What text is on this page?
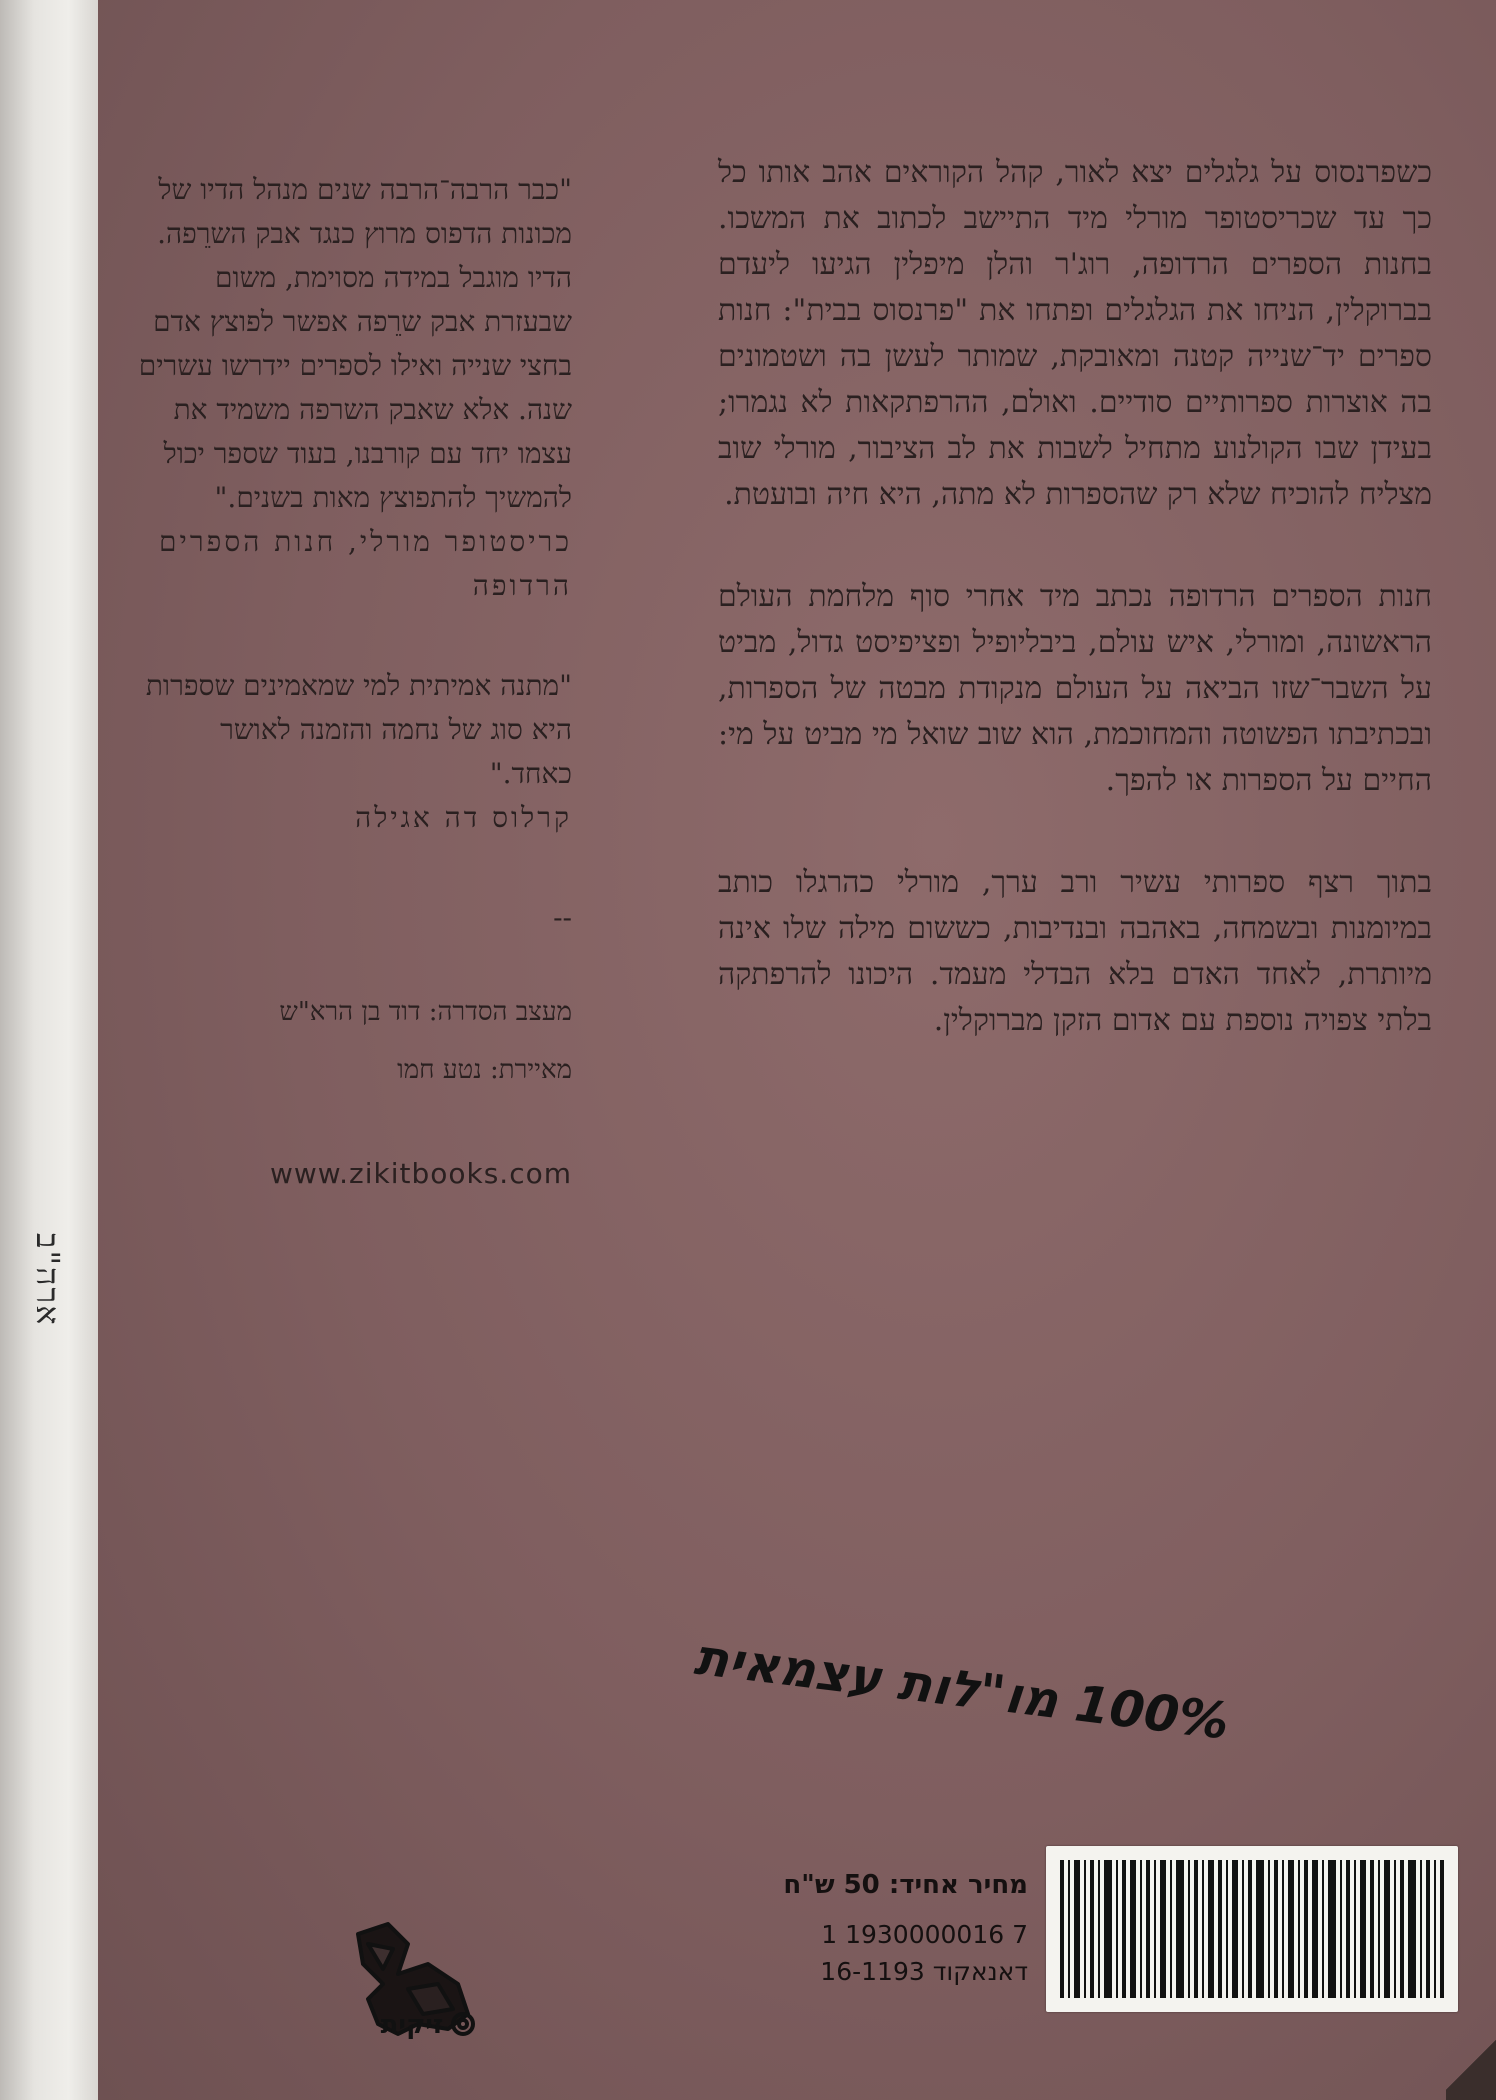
ארה"ב

כשפרנסוס על גלגלים יצא לאור, קהל הקוראים אהב אותו כל כך עד שכריסטופר מורלי מיד התיישב לכתוב את המשכו. בחנות הספרים הרדופה, רוג'ר והלן מיפלין הגיעו ליעדם בברוקלין, הניחו את הגלגלים ופתחו את "פרנסוס בבית": חנות ספרים יד־שנייה קטנה ומאובקת, שמותר לעשן בה ושטמונים בה אוצרות ספרותיים סודיים. ואולם, ההרפתקאות לא נגמרו; בעידן שבו הקולנוע מתחיל לשבות את לב הציבור, מורלי שוב מצליח להוכיח שלא רק שהספרות לא מתה, היא חיה ובועטת.

חנות הספרים הרדופה נכתב מיד אחרי סוף מלחמת העולם הראשונה, ומורלי, איש עולם, ביבליופיל ופציפיסט גדול, מביט על השבר־שזו הביאה על העולם מנקודת מבטה של הספרות, ובכתיבתו הפשוטה והמחוכמת, הוא שוב שואל מי מביט על מי: החיים על הספרות או להפך.

בתוך רצף ספרותי עשיר ורב ערך, מורלי כהרגלו כותב במיומנות ובשמחה, באהבה ובנדיבות, כששום מילה שלו אינה מיותרת, לאחד האדם בלא הבדלי מעמד. היכונו להרפתקה בלתי צפויה נוספת עם אדום הזקן מברוקלין.

"כבר הרבה־הרבה שנים מנהל הדיו של מכונות הדפוס מרוץ כנגד אבק השרֵפה. הדיו מוגבל במידה מסוימת, משום שבעזרת אבק שרֵפה אפשר לפוצץ אדם בחצי שנייה ואילו לספרים יידרשו עשרים שנה. אלא שאבק השרפה משמיד את עצמו יחד עם קורבנו, בעוד שספר יכול להמשיך להתפוצץ מאות בשנים."
כריסטופר מורלי, חנות הספרים הרדופה
"מתנה אמיתית למי שמאמינים שספרות היא סוג של נחמה והזמנה לאושר כאחד."
קרלוס דה אגילה
--
מעצב הסדרה: דוד בן הרא"ש
מאיירת: נטע חמו
www.zikitbooks.com
100% מו"לות עצמאית
מחיר אחיד: 50 ש"ח
1 1930000016 7
דאנאקוד 16-1193
זיקית
